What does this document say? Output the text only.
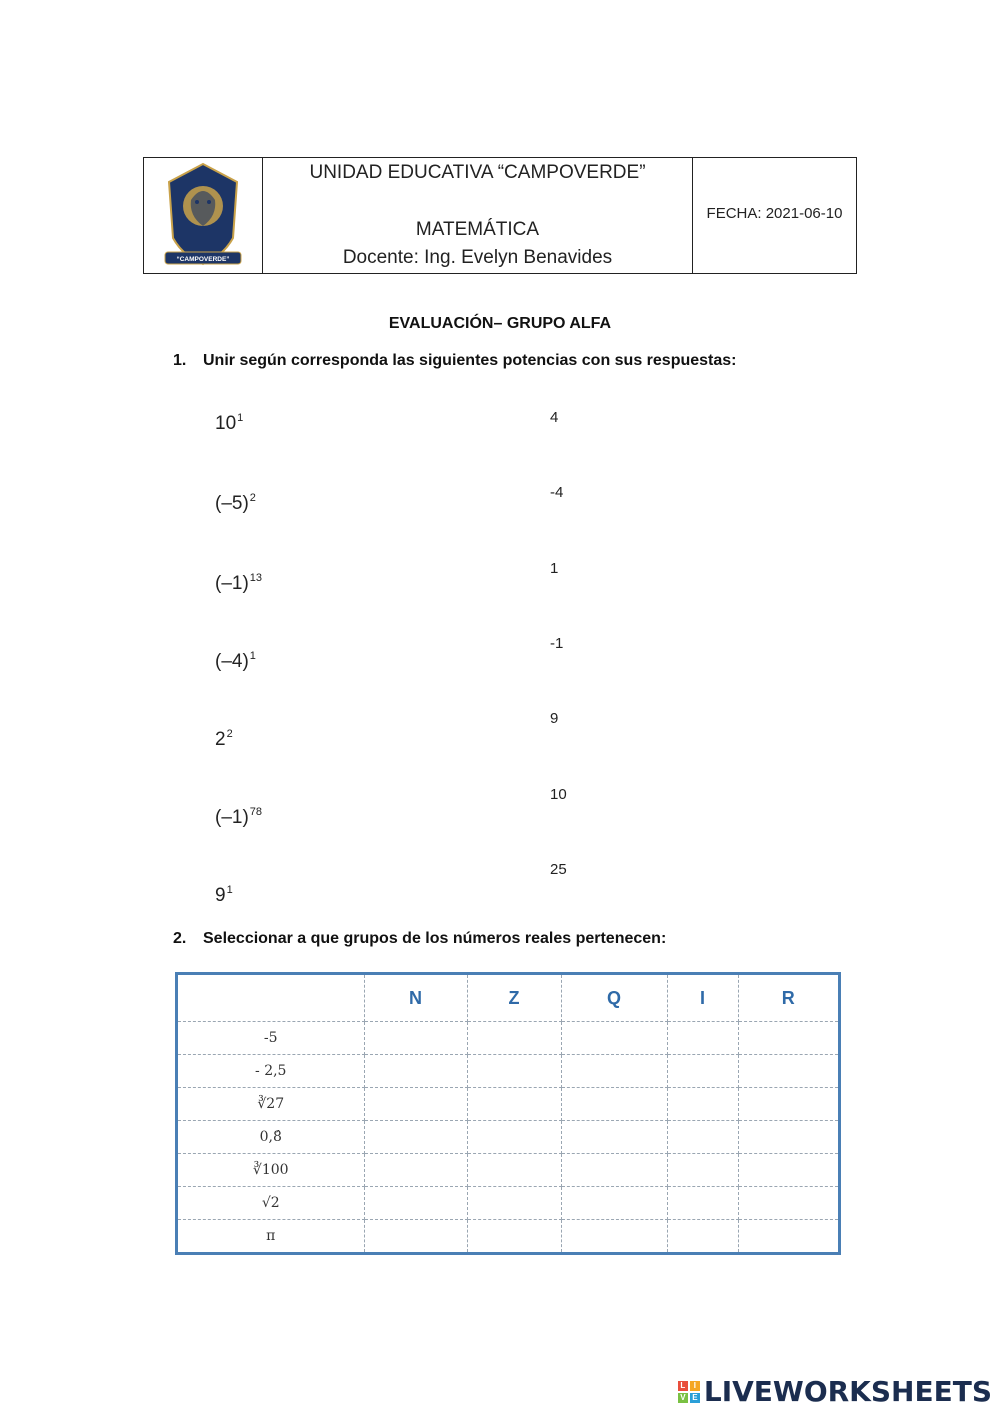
“CAMPOVERDE”
UNIDAD EDUCATIVA “CAMPOVERDE”
MATEMÁTICA
Docente: Ing. Evelyn Benavides
FECHA: 2021-06-10
EVALUACIÓN– GRUPO ALFA
1. Unir según corresponda las siguientes potencias con sus respuestas:
$10^1$
$(-5)^2$
$(-1)^{13}$
$(-4)^1$
$2^2$
$(-1)^{78}$
$9^1$
4
-4
1
-1
9
10
25
2. Seleccionar a que grupos de los números reales pertenecen:
	N	Z	Q	I	R
-5					
- 2,5					
∛27					
0,8̂					
∛100					
√2					
π					
L	I
V E LIVEWORKSHEETS
